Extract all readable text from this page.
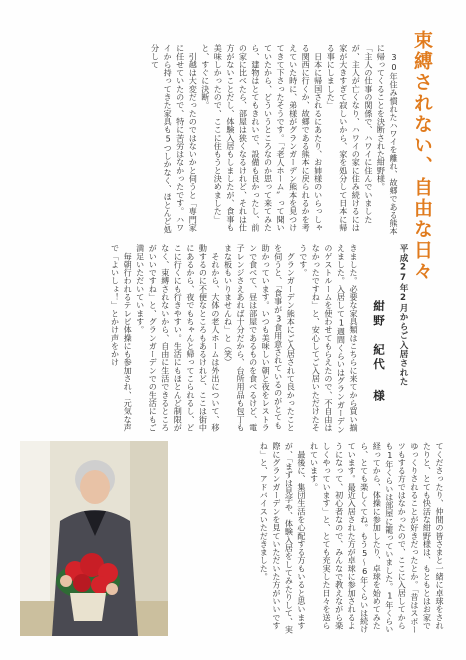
束縛されない、自由な日々

　30年住み慣れたハワイを離れ、故郷である熊本に帰ってくることを決断された紺野様。

「主人の仕事の関係で、ハワイに住んでいましたが、主人が亡くなり、ハワイの家に住み続けるには家が大きすぎて寂しいから、家を処分して日本に帰る事にしました」

　日本に帰国されるにあたり、お姉様のいらっしゃる関西に行くか、故郷である熊本に戻られるかを考えていた時に、弟様がグランガーデン熊本を見つけてきて下さったそうです。「〝老人ホーム〟って聞いていたから、どういうところなのか思って来てみたら、建物はとてもきれいで、設備も良かったし、前の家に比べたら、部屋は狭くなるけれど、それは仕方がないことだし、体験入居もしましたが、食事も美味しかったので、ここに住もうと決めました」と、すぐに決断。

　引越は大変だったのではないかと伺うと「専門家に任せていたので、特に苦労はなかったです。ハワイから持ってきた家具も5つしかなく、ほとんど処分して

平成27年2月からご入居された
紺野　紀代 様

きました。必要な家具類はこちらに来てから買い揃えました。入居して1週間くらいはグランガーデンのゲストルームを使わせてもらえたので、不自由はなかったですね」と、安心してご入居いただけたそうです。

　グランガーデン熊本にご入居されて良かったことを伺うと、「食事が3食用意されているのがとても助かっています。いつも美味しい朝と夜をレストランで食べて、昼は部屋であるものを食べるけど、電子レンジさえあれば十分だから、台所用品も包丁もまな板もいりませんね」と（笑）

　それから、大体の老人ホームは外出について、移動するのに不便なところもあるけれど、ここは街中にあるから、夜でもちゃんと帰ってこられるし、どこに行くにも行きやすい。生活にもほとんど制限がなく、束縛されないから、自由に生活できるところがいいですね」と、グランガーデンでの生活にもご満足いただいています。

　毎朝行われるテレビ体操にも参加され、元気な声で「よいしょ！」とかけ声をかけ

てくださったり、仲間の皆さまと一緒に卓球をされたりと、とても快活な紺野様は、もともとはお家でゆっくりされることが好きだったとか。「昔はスポーツもする方ではなかったので、ここに入居してからも1年くらいは部屋に籠っていました。1年くらい経ってから、体操に参加したり、卓球を始めてみたら、とても楽しくてね。もう5〜6年くらいは続けています。最近入居された方が卓球に参加されるようになって、初心者なので、みんなで教えながら楽しくやっています」と、とても充実した日々を送られています。

　最後に、集団生活を心配する方もいると思いますが、「まずは見学や、体験入居をしてみたりして、実際にグランガーデンを見ていただいた方がいいですね」と、アドバイスいただきました。
